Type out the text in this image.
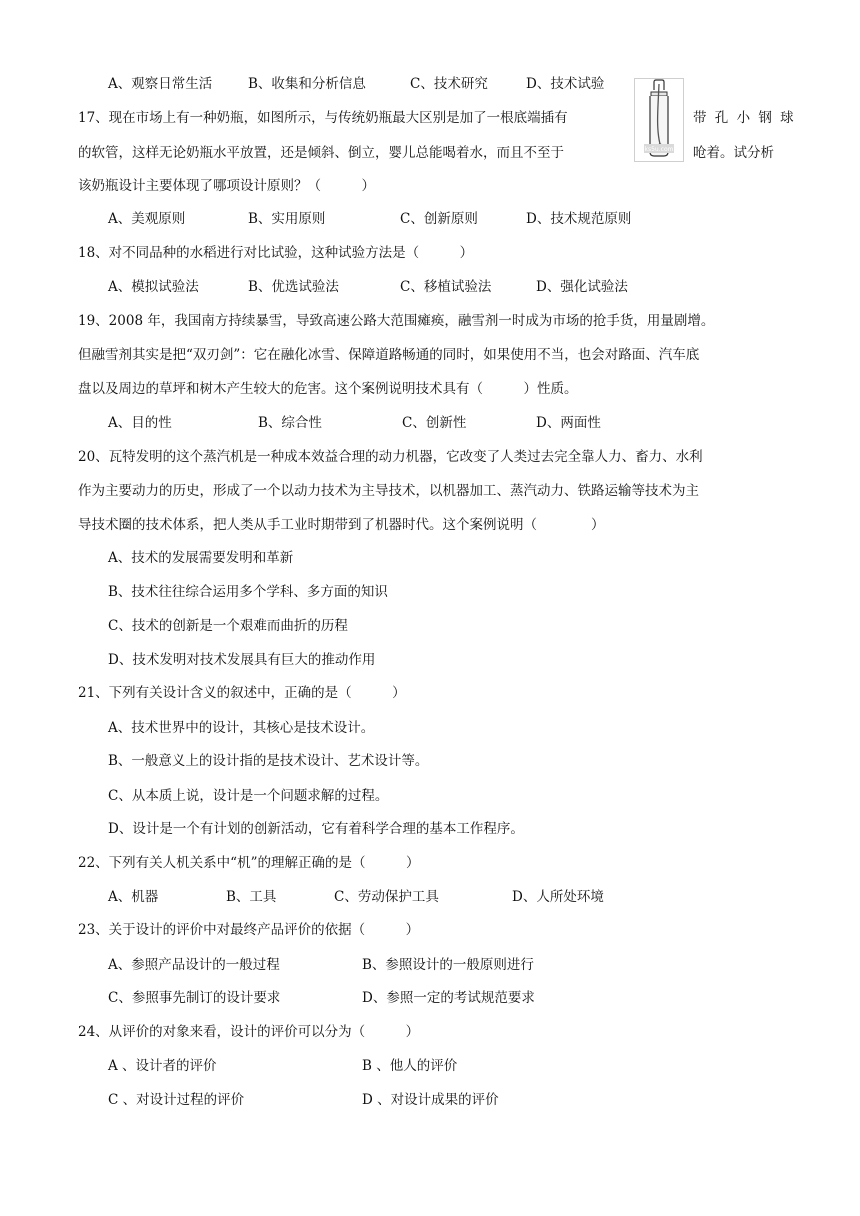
A、观察日常生活	B、收集和分析信息	C、技术研究	D、技术试验
17、现在市场上有一种奶瓶，如图所示，与传统奶瓶最大区别是加了一根底端插有	带 孔 小 钢 球
的软管，这样无论奶瓶水平放置，还是倾斜、倒立，婴儿总能喝着水，而且不至于	呛着。试分析
该奶瓶设计主要体现了哪项设计原则？（　　　）
ks5u.com
A、美观原则	B、实用原则	C、创新原则	D、技术规范原则
18、对不同品种的水稻进行对比试验，这种试验方法是（　　　）
A、模拟试验法	B、优选试验法	C、移植试验法	D、强化试验法
19、2008 年，我国南方持续暴雪，导致高速公路大范围瘫痪，融雪剂一时成为市场的抢手货，用量剧增。
但融雪剂其实是把“双刃剑”：它在融化冰雪、保障道路畅通的同时，如果使用不当，也会对路面、汽车底
盘以及周边的草坪和树木产生较大的危害。这个案例说明技术具有（　　　）性质。
A、目的性	B、综合性	C、创新性	D、两面性
20、瓦特发明的这个蒸汽机是一种成本效益合理的动力机器，它改变了人类过去完全靠人力、畜力、水利
作为主要动力的历史，形成了一个以动力技术为主导技术，以机器加工、蒸汽动力、铁路运输等技术为主
导技术圈的技术体系，把人类从手工业时期带到了机器时代。这个案例说明（　　　　）
A、技术的发展需要发明和革新
B、技术往往综合运用多个学科、多方面的知识
C、技术的创新是一个艰难而曲折的历程
D、技术发明对技术发展具有巨大的推动作用
21、下列有关设计含义的叙述中，正确的是（　　　）
A、技术世界中的设计，其核心是技术设计。
B、一般意义上的设计指的是技术设计、艺术设计等。
C、从本质上说，设计是一个问题求解的过程。
D、设计是一个有计划的创新活动，它有着科学合理的基本工作程序。
22、下列有关人机关系中“机”的理解正确的是（　　　）
A、机器	B、工具	C、劳动保护工具	D、人所处环境
23、关于设计的评价中对最终产品评价的依据（　　　）
A、参照产品设计的一般过程	B、参照设计的一般原则进行
C、参照事先制订的设计要求	D、参照一定的考试规范要求
24、从评价的对象来看，设计的评价可以分为（　　　）
A 、设计者的评价	B 、他人的评价
C 、对设计过程的评价	D 、对设计成果的评价
